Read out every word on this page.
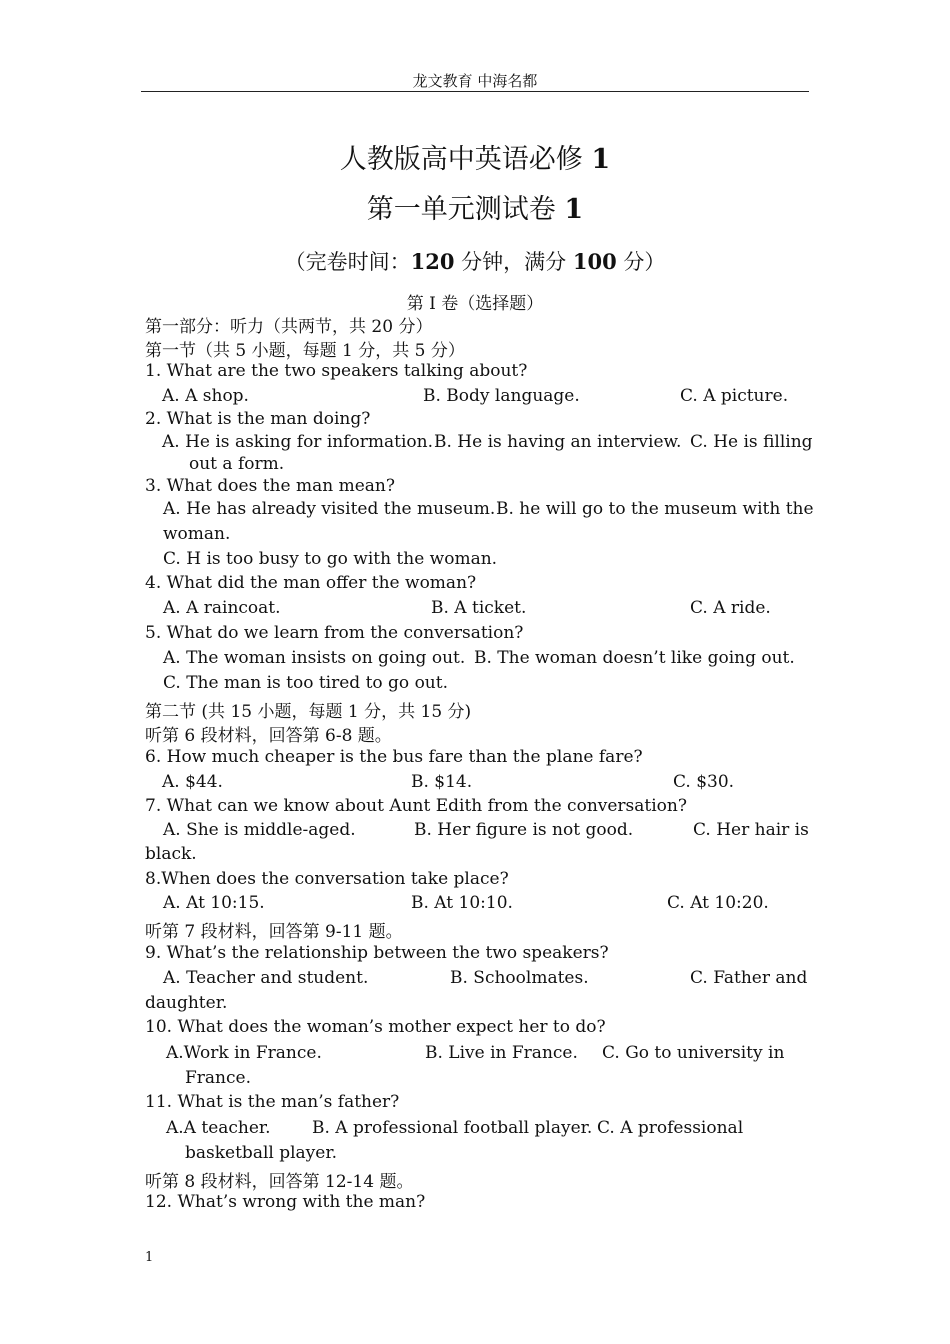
龙文教育 中海名都
人教版高中英语必修 1
第一单元测试卷 1
（完卷时间：120 分钟，满分 100 分）
第 I 卷（选择题）
第一部分：听力（共两节，共 20 分）
第一节（共 5 小题，每题 1 分，共 5 分）
1. What are the two speakers talking about?
A. A shop.	B. Body language.	C. A picture.
2. What is the man doing?
A. He is asking for information. B. He is having an interview. C. He is filling
out a form.
3. What does the man mean?
A. He has already visited the museum. B. he will go to the museum with the
woman.
C. H is too busy to go with the woman.
4. What did the man offer the woman?
A. A raincoat.	B. A ticket.	C. A ride.
5. What do we learn from the conversation?
A. The woman insists on going out. B. The woman doesn’t like going out.
C. The man is too tired to go out.
第二节 (共 15 小题，每题 1 分，共 15 分)
听第 6 段材料，回答第 6-8 题。
6. How much cheaper is the bus fare than the plane fare?
A. $44.	B. $14.	C. $30.
7. What can we know about Aunt Edith from the conversation?
A. She is middle-aged.	B. Her figure is not good.	C. Her hair is
black.
8.When does the conversation take place?
A. At 10:15.	B. At 10:10.	C. At 10:20.
听第 7 段材料，回答第 9-11 题。
9. What’s the relationship between the two speakers?
A. Teacher and student.	B. Schoolmates.	C. Father and
daughter.
10. What does the woman’s mother expect her to do?
A.Work in France.	B. Live in France. C. Go to university in
France.
11. What is the man’s father?
A.A teacher. B. A professional football player. C. A professional
basketball player.
听第 8 段材料，回答第 12-14 题。
12. What’s wrong with the man?
1
